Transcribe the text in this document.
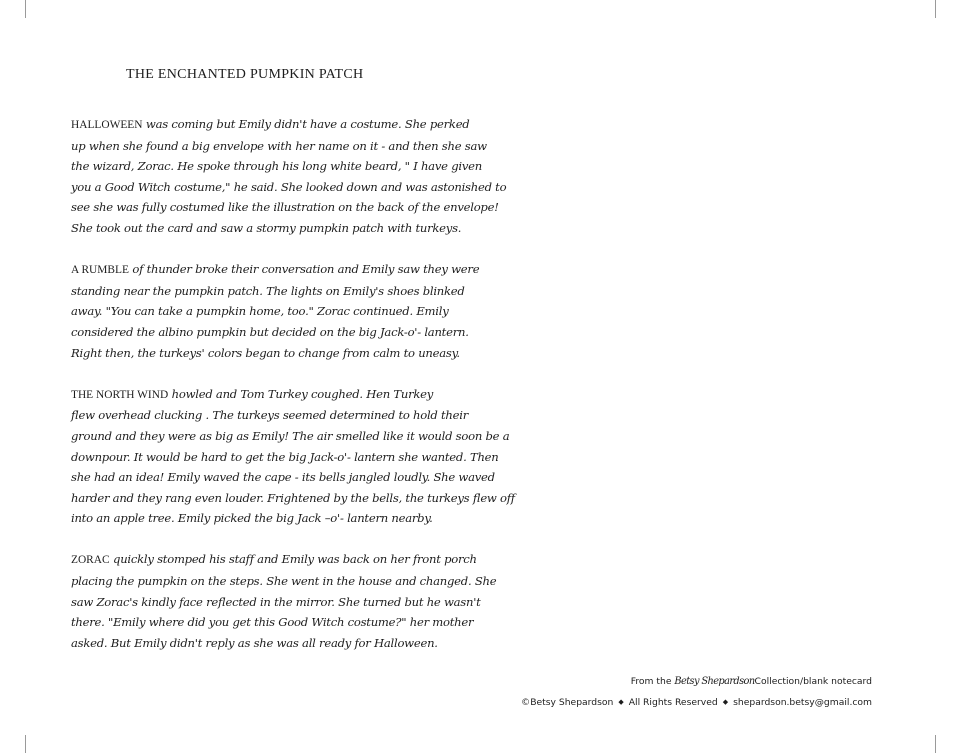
THE ENCHANTED PUMPKIN PATCH
HALLOWEEN was coming but Emily didn't have a costume. She perked
up when she found a big envelope with her name on it - and then she saw
the wizard, Zorac. He spoke through his long white beard, " I have given
you a Good Witch costume," he said. She looked down and was astonished to
see she was fully costumed like the illustration on the back of the envelope!
She took out the card and saw a stormy pumpkin patch with turkeys.
A RUMBLE of thunder broke their conversation and Emily saw they were
standing near the pumpkin patch. The lights on Emily's shoes blinked
away. "You can take a pumpkin home, too." Zorac continued. Emily
considered the albino pumpkin but decided on the big Jack-o'- lantern.
Right then, the turkeys' colors began to change from calm to uneasy.
THE NORTH WIND howled and Tom Turkey coughed. Hen Turkey
flew overhead clucking . The turkeys seemed determined to hold their
ground and they were as big as Emily! The air smelled like it would soon be a
downpour. It would be hard to get the big Jack-o'- lantern she wanted. Then
she had an idea! Emily waved the cape - its bells jangled loudly. She waved
harder and they rang even louder. Frightened by the bells, the turkeys flew off
into an apple tree. Emily picked the big Jack –o'- lantern nearby.
ZORAC quickly stomped his staff and Emily was back on her front porch
placing the pumpkin on the steps. She went in the house and changed. She
saw Zorac's kindly face reflected in the mirror. She turned but he wasn't
there. "Emily where did you get this Good Witch costume?" her mother
asked. But Emily didn't reply as she was all ready for Halloween.
From the Betsy ShepardsonCollection/blank notecard
©Betsy Shepardson ◆ All Rights Reserved ◆ shepardson.betsy@gmail.com
